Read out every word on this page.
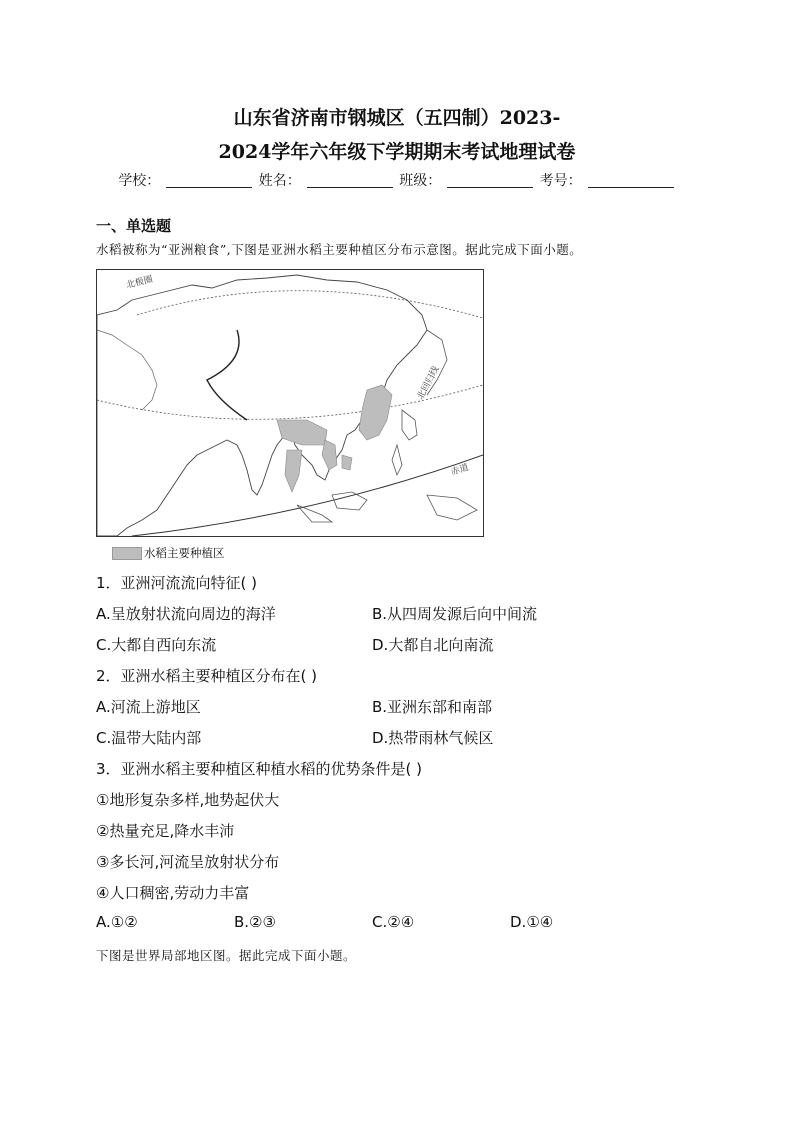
山东省济南市钢城区（五四制）2023-
2024学年六年级下学期期末考试地理试卷
学校：	姓名：	班级：	考号：
一、单选题
水稻被称为“亚洲粮食”,下图是亚洲水稻主要种植区分布示意图。据此完成下面小题。
北极圈
北回归线
赤道
水稻主要种植区
1．亚洲河流流向特征( )
A.呈放射状流向周边的海洋	B.从四周发源后向中间流
C.大都自西向东流	D.大都自北向南流
2．亚洲水稻主要种植区分布在( )
A.河流上游地区	B.亚洲东部和南部
C.温带大陆内部	D.热带雨林气候区
3．亚洲水稻主要种植区种植水稻的优势条件是( )
①地形复杂多样,地势起伏大
②热量充足,降水丰沛
③多长河,河流呈放射状分布
④人口稠密,劳动力丰富
A.①②	B.②③	C.②④	D.①④
下图是世界局部地区图。据此完成下面小题。
